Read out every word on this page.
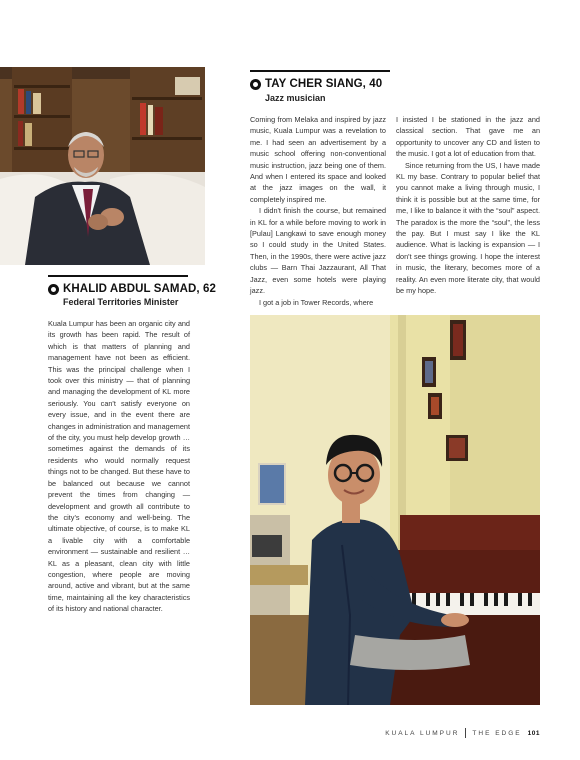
KHALID ABDUL SAMAD, 62
Federal Territories Minister

Kuala Lumpur has been an organic city and its growth has been rapid. The result of which is that matters of planning and management have not been as efficient. This was the principal challenge when I took over this ministry — that of planning and managing the development of KL more seriously. You can't satisfy everyone on every issue, and in the event there are changes in administration and management of the city, you must help develop growth … sometimes against the demands of its residents who would normally request things not to be changed. But these have to be balanced out because we cannot prevent the times from changing — development and growth all contribute to the city's economy and well-being. The ultimate objective, of course, is to make KL a livable city with a comfortable environment — sustainable and resilient … KL as a pleasant, clean city with little congestion, where people are moving around, active and vibrant, but at the same time, maintaining all the key characteristics of its history and national character.

TAY CHER SIANG, 40
Jazz musician

Coming from Melaka and inspired by jazz music, Kuala Lumpur was a revelation to me. I had seen an advertisement by a music school offering non-conventional music instruction, jazz being one of them. And when I entered its space and looked at the jazz images on the wall, it completely inspired me.

I didn't finish the course, but remained in KL for a while before moving to work in [Pulau] Langkawi to save enough money so I could study in the United States. Then, in the 1990s, there were active jazz clubs — Barn Thai Jazzaurant, All That Jazz, even some hotels were playing jazz.

I got a job in Tower Records, where

I insisted I be stationed in the jazz and classical section. That gave me an opportunity to uncover any CD and listen to the music. I got a lot of education from that.

Since returning from the US, I have made KL my base. Contrary to popular belief that you cannot make a living through music, I think it is possible but at the same time, for me, I like to balance it with the “soul” aspect. The paradox is the more the “soul”, the less the pay. But I must say I like the KL audience. What is lacking is expansion — I don't see things growing. I hope the interest in music, the literary, becomes more of a reality. An even more literate city, that would be my hope.

KUALA LUMPUR THE EDGE 101
